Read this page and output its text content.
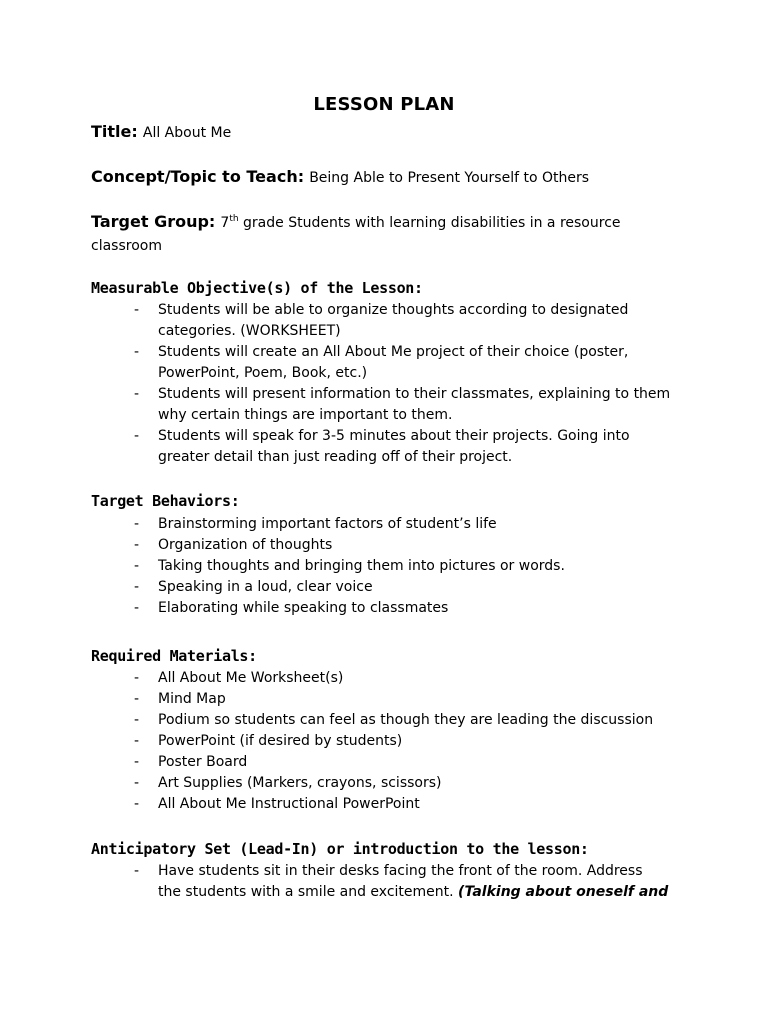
LESSON PLAN
Title: All About Me
Concept/Topic to Teach: Being Able to Present Yourself to Others
Target Group: 7th grade Students with learning disabilities in a resource
classroom
Measurable Objective(s) of the Lesson:
- Students will be able to organize thoughts according to designated
categories. (WORKSHEET)
- Students will create an All About Me project of their choice (poster,
PowerPoint, Poem, Book, etc.)
- Students will present information to their classmates, explaining to them
why certain things are important to them.
- Students will speak for 3-5 minutes about their projects. Going into
greater detail than just reading off of their project.
Target Behaviors:
- Brainstorming important factors of student’s life
- Organization of thoughts
- Taking thoughts and bringing them into pictures or words.
- Speaking in a loud, clear voice
- Elaborating while speaking to classmates
Required Materials:
- All About Me Worksheet(s)
- Mind Map
- Podium so students can feel as though they are leading the discussion
- PowerPoint (if desired by students)
- Poster Board
- Art Supplies (Markers, crayons, scissors)
- All About Me Instructional PowerPoint
Anticipatory Set (Lead-In) or introduction to the lesson:
- Have students sit in their desks facing the front of the room. Address
the students with a smile and excitement. (Talking about oneself and
